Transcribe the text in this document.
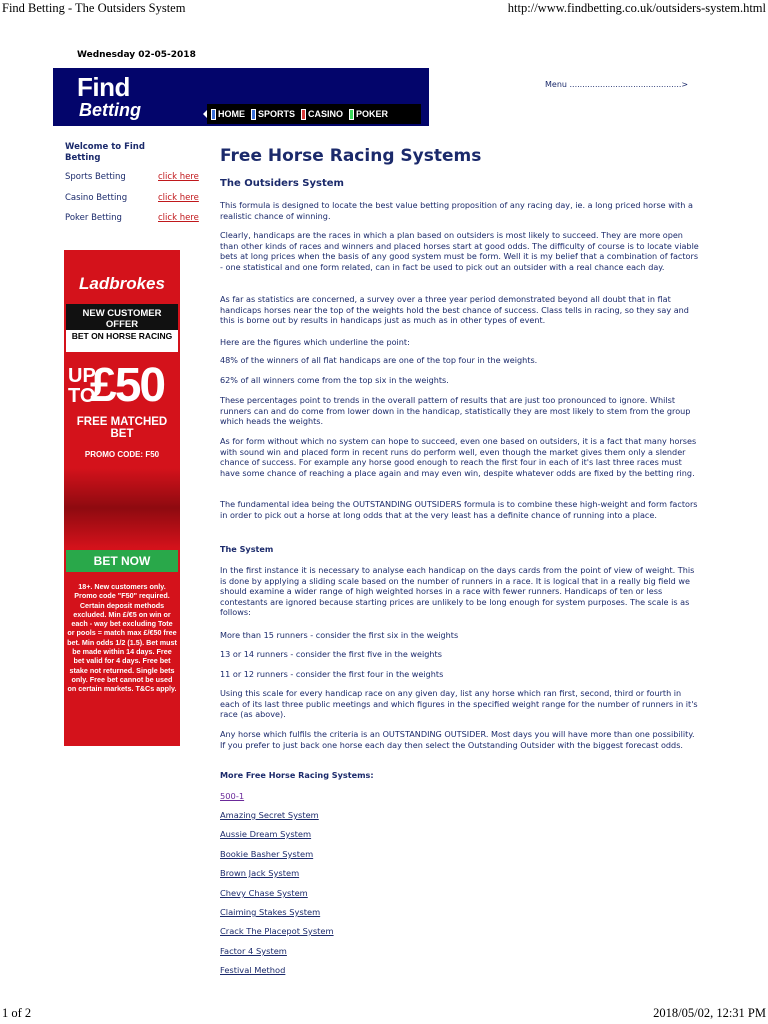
Find Betting - The Outsiders System	http://www.findbetting.co.uk/outsiders-system.html
Wednesday 02-05-2018
Find
Betting	HOME SPORTS CASINO POKER
Menu ............................................>
Welcome to Find Betting
Sports Betting	click here
Casino Betting	click here
Poker Betting	click here
Ladbrokes
NEW CUSTOMER OFFER
BET ON HORSE RACING
UP TO
£50
FREE MATCHED BET
PROMO CODE: F50
BET NOW
18+. New customers only. Promo code "F50" required. Certain deposit methods excluded. Min £/€5 on win or each - way bet excluding Tote or pools = match max £/€50 free bet. Min odds 1/2 (1.5). Bet must be made within 14 days. Free bet valid for 4 days. Free bet stake not returned. Single bets only. Free bet cannot be used on certain markets. T&Cs apply.
Free Horse Racing Systems
The Outsiders System
This formula is designed to locate the best value betting proposition of any racing day, ie. a long priced horse with a realistic chance of winning.
Clearly, handicaps are the races in which a plan based on outsiders is most likely to succeed. They are more open than other kinds of races and winners and placed horses start at good odds. The difficulty of course is to locate viable bets at long prices when the basis of any good system must be form. Well it is my belief that a combination of factors - one statistical and one form related, can in fact be used to pick out an outsider with a real chance each day.
As far as statistics are concerned, a survey over a three year period demonstrated beyond all doubt that in flat handicaps horses near the top of the weights hold the best chance of success. Class tells in racing, so they say and this is borne out by results in handicaps just as much as in other types of event.
Here are the figures which underline the point:
48% of the winners of all flat handicaps are one of the top four in the weights.
62% of all winners come from the top six in the weights.
These percentages point to trends in the overall pattern of results that are just too pronounced to ignore. Whilst runners can and do come from lower down in the handicap, statistically they are most likely to stem from the group which heads the weights.
As for form without which no system can hope to succeed, even one based on outsiders, it is a fact that many horses with sound win and placed form in recent runs do perform well, even though the market gives them only a slender chance of success. For example any horse good enough to reach the first four in each of it's last three races must have some chance of reaching a place again and may even win, despite whatever odds are fixed by the betting ring.
The fundamental idea being the OUTSTANDING OUTSIDERS formula is to combine these high-weight and form factors in order to pick out a horse at long odds that at the very least has a definite chance of running into a place.
The System
In the first instance it is necessary to analyse each handicap on the days cards from the point of view of weight. This is done by applying a sliding scale based on the number of runners in a race. It is logical that in a really big field we should examine a wider range of high weighted horses in a race with fewer runners. Handicaps of ten or less contestants are ignored because starting prices are unlikely to be long enough for system purposes. The scale is as follows:
More than 15 runners - consider the first six in the weights
13 or 14 runners - consider the first five in the weights
11 or 12 runners - consider the first four in the weights
Using this scale for every handicap race on any given day, list any horse which ran first, second, third or fourth in each of its last three public meetings and which figures in the specified weight range for the number of runners in it's race (as above).
Any horse which fulfils the criteria is an OUTSTANDING OUTSIDER. Most days you will have more than one possibility. If you prefer to just back one horse each day then select the Outstanding Outsider with the biggest forecast odds.
More Free Horse Racing Systems:
500-1
Amazing Secret System
Aussie Dream System
Bookie Basher System
Brown Jack System
Chevy Chase System
Claiming Stakes System
Crack The Placepot System
Factor 4 System
Festival Method
1 of 2	2018/05/02, 12:31 PM
